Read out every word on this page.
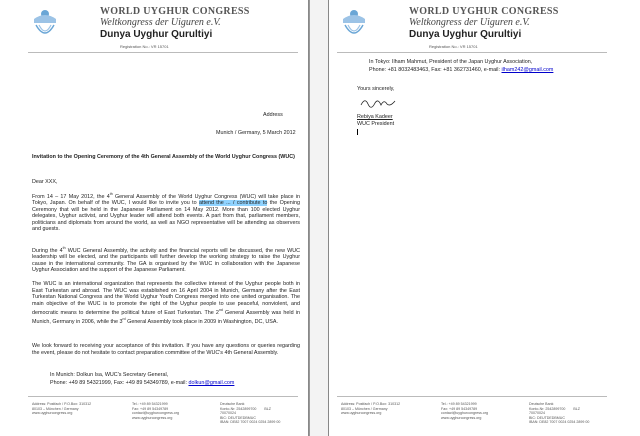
WORLD UYGHUR CONGRESS
Weltkongress der Uiguren e.V.
Dunya Uyghur Qurultiyi
Registration No.: VR 15701
Address
Munich / Germany, 5 March 2012
Invitation to the Opening Ceremony of the 4th General Assembly of the World Uyghur Congress (WUC)
Dear XXX,
From 14 – 17 May 2012, the 4th General Assembly of the World Uyghur Congress (WUC) will take place in Tokyo, Japan. On behalf of the WUC, I would like to invite you to attend the ... / contribute to the Opening Ceremony that will be held in the Japanese Parliament on 14 May 2012. More than 100 elected Uyghur delegates, Uyghur activist, and Uyghur leader will attend both events. A part from that, parliament members, politicians and diplomats from around the world, as well as NGO representative will be attending as observers and guests.
During the 4th WUC General Assembly, the activity and the financial reports will be discussed, the new WUC leadership will be elected, and the participants will further develop the working strategy to raise the Uyghur cause in the international community. The GA is organised by the WUC in collaboration with the Japanese Uyghur Association and the support of the Japanese Parliament.
The WUC is an international organization that represents the collective interest of the Uyghur people both in East Turkestan and abroad. The WUC was established on 16 April 2004 in Munich, Germany after the East Turkestan National Congress and the World Uyghur Youth Congress merged into one united organisation. The main objective of the WUC is to promote the right of the Uyghur people to use peaceful, nonviolent, and democratic means to determine the political future of East Turkestan. The 2nd General Assembly was held in Munich, Germany in 2006, while the 3rd General Assembly took place in 2009 in Washington, DC, USA.
We look forward to receiving your acceptance of this invitation. If you have any questions or queries regarding the event, please do not hesitate to contact preparation committee of the WUC's 4th General Assembly.
In Munich: Dolkun Isa, WUC's Secretary General,
Phone: +49 89 54321999, Fax: +49 89 54349789, e-mail: dolkun@gmail.com
Address: Postfach / P.O.Box: 310312
80103 – München / Germany
www.uyghurcongress.org
Tel.: +49 89 54321999
Fax: +49 89 54349789
contact@uyghurcongress.org
www.uyghurcongress.org
Deutsche Bank
Konto-Nr: 2542899700        BLZ
70070024
BIC: DEUTDEDBMUC
IBAN: DE82 7007 0024 0254 2899 00
WORLD UYGHUR CONGRESS
Weltkongress der Uiguren e.V.
Dunya Uyghur Qurultiyi
Registration No.: VR 15701
In Tokyo: Ilham Mahmut, President of the Japan Uyghur Association,
Phone: +81 8032483463, Fax: +81 362731460, e-mail: ilham242@gmail.com
Yours sincerely,
Rebiya Kadeer
WUC President
Address: Postfach / P.O.Box: 310312
80103 – München / Germany
www.uyghurcongress.org
Tel.: +49 89 54321999
Fax: +49 89 54349789
contact@uyghurcongress.org
www.uyghurcongress.org
Deutsche Bank
Konto-Nr: 2542899700        BLZ
70070024
BIC: DEUTDEDBMUC
IBAN: DE82 7007 0024 0254 2899 00
